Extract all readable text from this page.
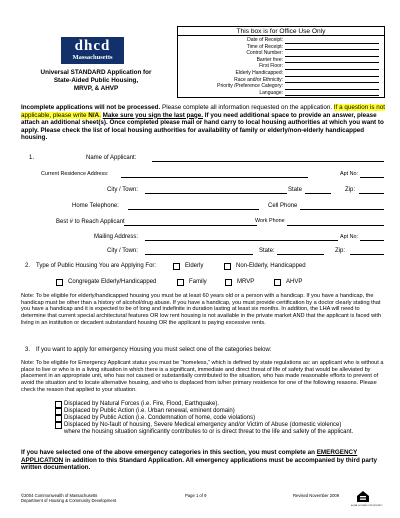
dhcd
Massachusetts
Universal STANDARD Application for
State-Aided Public Housing,
MRVP, & AHVP
This box is for Office Use Only
Date of Receipt:
Time of Receipt:
Control Number:
Barrier free:
First Floor:
Elderly Handicapped:
Race and/or Ethnicity:
Priority /Preference Category:
Language:
Incomplete applications will not be processed. Please complete all information requested on the application. If a question is not applicable, please write N/A. Make sure you sign the last page. If you need additional space to provide an answer, please attach an additional sheet(s). Once completed please mail or hand carry to local housing authorities at which you want to apply. Please check the list of local housing authorities for availability of family or elderly/non-elderly handicapped housing.
1.	Name of Applicant:
Current Residence Address:	Apt No:
City / Town:	State	Zip:
Home Telephone:	Cell Phone
Best # to Reach Applicant	Work Phone
Mailing Address:	Apt No:
City / Town:	State:	Zip:
2. Type of Public Housing You are Applying For:	Elderly	Non-Elderly, Handicapped
Congregate Elderly/Handicapped	Family	MRVP	AHVP
Note: To be eligible for elderly/handicapped housing you must be at least 60 years old or a person with a handicap. If you have a handicap, the handicap must be other than a history of alcohol/drug abuse. If you have a handicap, you must provide certification by a doctor clearly stating that you have a handicap and it is expected to be of long and indefinite in duration lasting at least six months. In addition, the LHA will need to determine that current special architectural features OR low rent housing is not available in the private market AND that the applicant is faced with living in an institution or decadent substandard housing OR the applicant is paying excessive rents.
3. If you want to apply for emergency Housing you must select one of the categories below:
Note: To be eligible for Emergency Applicant status you must be “homeless,” which is defined by state regulations as: an applicant who is without a place to live or who is in a living situation in which there is a significant, immediate and direct threat of life of safety that would be alleviated by placement in an appropriate unit, who has not caused or substantially contributed to the situation, who has made reasonable efforts to prevent of avoid the situation and to locate alternative housing, and who is displaced from is/her primary residence for one of the following reasons. Please check the reason that applied to your situation.
Displaced by Natural Forces (i.e. Fire, Flood, Earthquake).
Displaced by Public Action (i.e. Urban renewal, eminent domain)
Displaced by Public Action (i.e. Condemnation of home, code violations)
Displaced by No-fault of housing, Severe Medical emergency and/or Victim of Abuse (domestic violence)
where the housing situation significantly contributes to or is direct threat to the life and safety of the applicant.
If you have selected one of the above emergency categories in this section, you must complete an EMERGENCY APPLICATION in addition to this Standard Application. All emergency applications must be accompanied by third party written documentation.
©2004 Commonwealth of Massachusetts
Department of Housing & Community Development
Page 1 of 9	Revised November 2009
EQUAL HOUSING OPPORTUNITY
